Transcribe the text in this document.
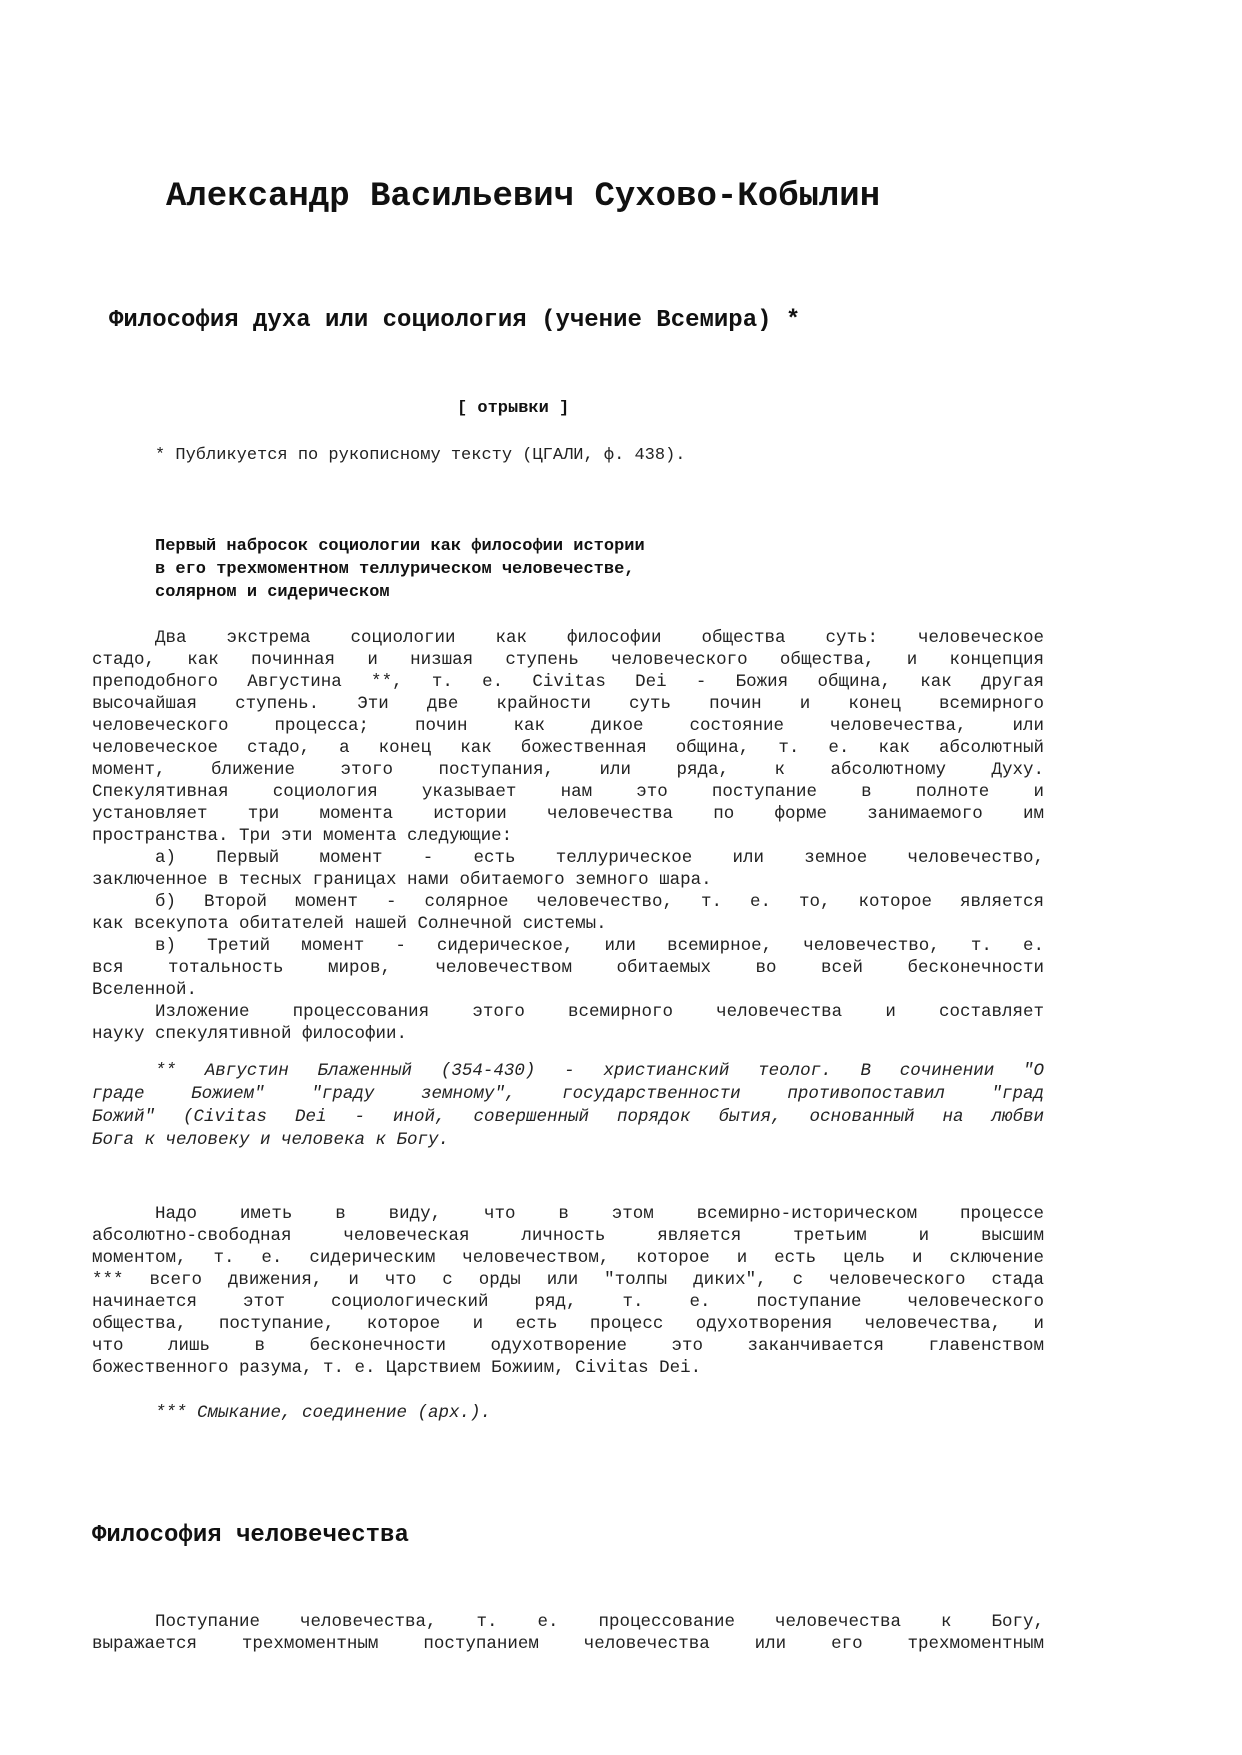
Александр Васильевич Сухово-Кобылин
Философия духа или социология (учение Всемира) *
[ отрывки ]
* Публикуется по рукописному тексту (ЦГАЛИ, ф. 438).
Первый набросок социологии как философии истории
в его трехмоментном теллурическом человечестве,
солярном и сидерическом
Два экстрема социологии как философии общества суть: человеческое
стадо, как починная и низшая ступень человеческого общества, и концепция
преподобного Августина **, т. е. Civitas Dei - Божия община, как другая
высочайшая ступень. Эти две крайности суть почин и конец всемирного
человеческого процесса; почин как дикое состояние человечества, или
человеческое стадо, а конец как божественная община, т. е. как абсолютный
момент, ближение этого поступания, или ряда, к абсолютному Духу.
Спекулятивная социология указывает нам это поступание в полноте и
установляет три момента истории человечества по форме занимаемого им
пространства. Три эти момента следующие:
а) Первый момент - есть теллурическое или земное человечество,
заключенное в тесных границах нами обитаемого земного шара.
б) Второй момент - солярное человечество, т. е. то, которое является
как всекупота обитателей нашей Солнечной системы.
в) Третий момент - сидерическое, или всемирное, человечество, т. е.
вся тотальность миров, человечеством обитаемых во всей бесконечности
Вселенной.
Изложение процессования этого всемирного человечества и составляет
науку спекулятивной философии.
** Августин Блаженный (354-430) - христианский теолог. В сочинении "О
граде Божием" "граду земному", государственности противопоставил "град
Божий" (Civitas Dei - иной, совершенный порядок бытия, основанный на любви
Бога к человеку и человека к Богу.
Надо иметь в виду, что в этом всемирно-историческом процессе
абсолютно-свободная человеческая личность является третьим и высшим
моментом, т. е. сидерическим человечеством, которое и есть цель и сключение
*** всего движения, и что с орды или "толпы диких", с человеческого стада
начинается этот социологический ряд, т. е. поступание человеческого
общества, поступание, которое и есть процесс одухотворения человечества, и
что лишь в бесконечности одухотворение это заканчивается главенством
божественного разума, т. е. Царствием Божиим, Civitas Dei.
*** Смыкание, соединение (арх.).
Философия человечества
Поступание человечества, т. е. процессование человечества к Богу,
выражается трехмоментным поступанием человечества или его трехмоментным
